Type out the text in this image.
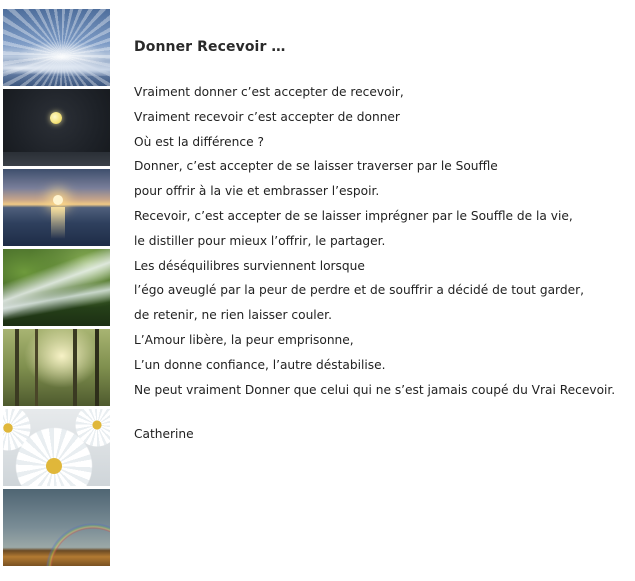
Donner Recevoir …
Vraiment donner c’est accepter de recevoir,
Vraiment recevoir c’est accepter de donner
Où est la différence ?
Donner, c’est accepter de se laisser traverser par le Souffle
pour offrir à la vie et embrasser l’espoir.
Recevoir, c’est accepter de se laisser imprégner par le Souffle de la vie,
le distiller pour mieux l’offrir, le partager.
Les déséquilibres surviennent lorsque
l’égo aveuglé par la peur de perdre et de souffrir a décidé de tout garder,
de retenir, ne rien laisser couler.
L’Amour libère, la peur emprisonne,
L’un donne confiance, l’autre déstabilise.
Ne peut vraiment Donner que celui qui ne s’est jamais coupé du Vrai Recevoir.
Catherine
